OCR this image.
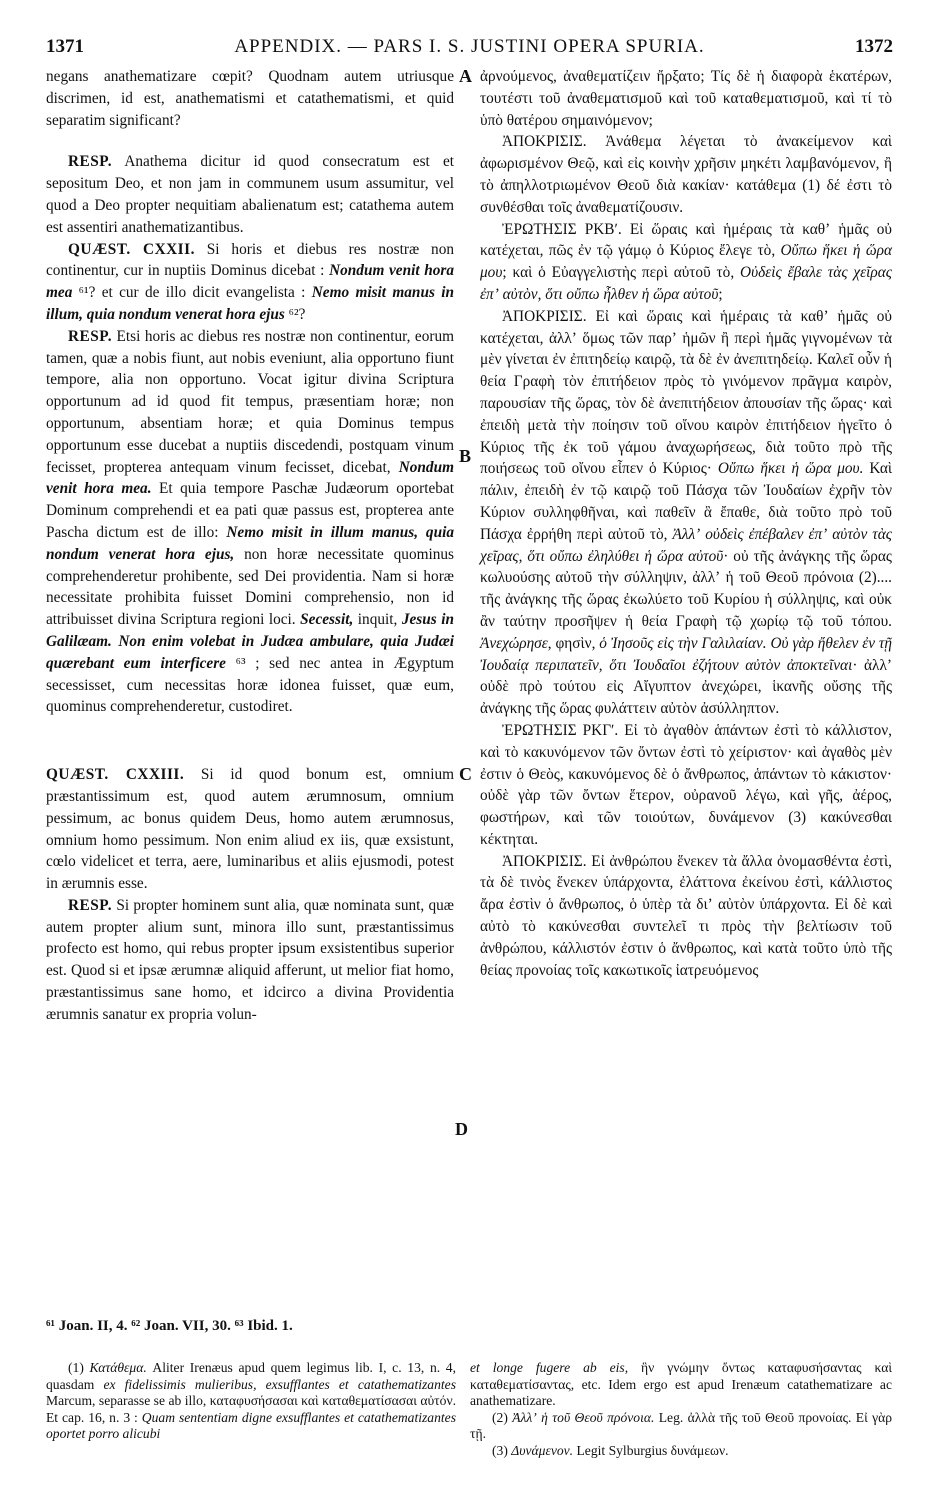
1371	APPENDIX. — PARS I. S. JUSTINI OPERA SPURIA.	1372
A
B
C
D

negans anathematizare cœpit? Quodnam autem utriusque discrimen, id est, anathematismi et catathematismi, et quid separatim significant?

RESP. Anathema dicitur id quod consecratum est et sepositum Deo, et non jam in communem usum assumitur, vel quod a Deo propter nequitiam abalienatum est; catathema autem est assentiri anathematizantibus.

QUÆST. CXXII. Si horis et diebus res nostræ non continentur, cur in nuptiis Dominus dicebat : Nondum venit hora mea ⁶¹? et cur de illo dicit evangelista : Nemo misit manus in illum, quia nondum venerat hora ejus ⁶²?

RESP. Etsi horis ac diebus res nostræ non continentur, eorum tamen, quæ a nobis fiunt, aut nobis eveniunt, alia opportuno fiunt tempore, alia non opportuno. Vocat igitur divina Scriptura opportunum ad id quod fit tempus, præsentiam horæ; non opportunum, absentiam horæ; et quia Dominus tempus opportunum esse ducebat a nuptiis discedendi, postquam vinum fecisset, propterea antequam vinum fecisset, dicebat, Nondum venit hora mea. Et quia tempore Paschæ Judæorum oportebat Dominum comprehendi et ea pati quæ passus est, propterea ante Pascha dictum est de illo: Nemo misit in illum manus, quia nondum venerat hora ejus, non horæ necessitate quominus comprehenderetur prohibente, sed Dei providentia. Nam si horæ necessitate prohibita fuisset Domini comprehensio, non id attribuisset divina Scriptura regioni loci. Secessit, inquit, Jesus in Galilæam. Non enim volebat in Judæa ambulare, quia Judæi quærebant eum interficere ⁶³ ; sed nec antea in Ægyptum secessisset, cum necessitas horæ idonea fuisset, quæ eum, quominus comprehenderetur, custodiret.

QUÆST. CXXIII. Si id quod bonum est, omnium præstantissimum est, quod autem ærumnosum, omnium pessimum, ac bonus quidem Deus, homo autem ærumnosus, omnium homo pessimum. Non enim aliud ex iis, quæ exsistunt, cœlo videlicet et terra, aere, luminaribus et aliis ejusmodi, potest in ærumnis esse.

RESP. Si propter hominem sunt alia, quæ nominata sunt, quæ autem propter alium sunt, minora illo sunt, præstantissimus profecto est homo, qui rebus propter ipsum exsistentibus superior est. Quod si et ipsæ ærumnæ aliquid afferunt, ut melior fiat homo, præstantissimus sane homo, et idcirco a divina Providentia ærumnis sanatur ex propria volun-

ἀρνούμενος, ἀναθεματίζειν ἤρξατο; Τίς δὲ ἡ διαφορὰ ἑκατέρων, τουτέστι τοῦ ἀναθεματισμοῦ καὶ τοῦ καταθεματισμοῦ, καὶ τί τὸ ὑπὸ θατέρου σημαινόμενον;

ἈΠΟΚΡΙΣΙΣ. Ἀνάθεμα λέγεται τὸ ἀνακείμενον καὶ ἀφωρισμένον Θεῷ, καὶ εἰς κοινὴν χρῆσιν μηκέτι λαμβανόμενον, ἢ τὸ ἀπηλλοτριωμένον Θεοῦ διὰ κακίαν· κατάθεμα (1) δέ ἐστι τὸ συνθέσθαι τοῖς ἀναθεματίζουσιν.

ἘΡΩΤΗΣΙΣ ΡΚΒʹ. Εἰ ὥραις καὶ ἡμέραις τὰ καθʼ ἡμᾶς οὐ κατέχεται, πῶς ἐν τῷ γάμῳ ὁ Κύριος ἔλεγε τὸ, Οὔπω ἥκει ἡ ὥρα μου; καὶ ὁ Εὐαγγελιστὴς περὶ αὐτοῦ τὸ, Οὐδεὶς ἔβαλε τὰς χεῖρας ἐπʼ αὐτὸν, ὅτι οὔπω ἦλθεν ἡ ὥρα αὐτοῦ;

ἈΠΟΚΡΙΣΙΣ. Εἰ καὶ ὥραις καὶ ἡμέραις τὰ καθʼ ἡμᾶς οὐ κατέχεται, ἀλλʼ ὅμως τῶν παρʼ ἡμῶν ἢ περὶ ἡμᾶς γιγνομένων τὰ μὲν γίνεται ἐν ἐπιτηδείῳ καιρῷ, τὰ δὲ ἐν ἀνεπιτηδείῳ. Καλεῖ οὖν ἡ θεία Γραφὴ τὸν ἐπιτήδειον πρὸς τὸ γινόμενον πρᾶγμα καιρὸν, παρουσίαν τῆς ὥρας, τὸν δὲ ἀνεπιτήδειον ἀπουσίαν τῆς ὥρας· καὶ ἐπειδὴ μετὰ τὴν ποίησιν τοῦ οἴνου καιρὸν ἐπιτήδειον ἡγεῖτο ὁ Κύριος τῆς ἐκ τοῦ γάμου ἀναχωρήσεως, διὰ τοῦτο πρὸ τῆς ποιήσεως τοῦ οἴνου εἶπεν ὁ Κύριος· Οὔπω ἥκει ἡ ὥρα μου. Καὶ πάλιν, ἐπειδὴ ἐν τῷ καιρῷ τοῦ Πάσχα τῶν Ἰουδαίων ἐχρῆν τὸν Κύριον συλληφθῆναι, καὶ παθεῖν ἃ ἔπαθε, διὰ τοῦτο πρὸ τοῦ Πάσχα ἐρρήθη περὶ αὐτοῦ τὸ, Ἀλλʼ οὐδεὶς ἐπέβαλεν ἐπʼ αὐτὸν τὰς χεῖρας, ὅτι οὔπω ἐληλύθει ἡ ὥρα αὐτοῦ· οὐ τῆς ἀνάγκης τῆς ὥρας κωλυούσης αὐτοῦ τὴν σύλληψιν, ἀλλʼ ἡ τοῦ Θεοῦ πρόνοια (2).... τῆς ἀνάγκης τῆς ὥρας ἐκωλύετο τοῦ Κυρίου ἡ σύλληψις, καὶ οὐκ ἂν ταύτην προσῆψεν ἡ θεία Γραφὴ τῷ χωρίῳ τῷ τοῦ τόπου. Ἀνεχώρησε, φησὶν, ὁ Ἰησοῦς εἰς τὴν Γαλιλαίαν. Οὐ γὰρ ἤθελεν ἐν τῇ Ἰουδαίᾳ περιπατεῖν, ὅτι Ἰουδαῖοι ἐζήτουν αὐτὸν ἀποκτεῖναι· ἀλλʼ οὐδὲ πρὸ τούτου εἰς Αἴγυπτον ἀνεχώρει, ἱκανῆς οὔσης τῆς ἀνάγκης τῆς ὥρας φυλάττειν αὐτὸν ἀσύλληπτον.

ἘΡΩΤΗΣΙΣ ΡΚΓʹ. Εἰ τὸ ἀγαθὸν ἁπάντων ἐστὶ τὸ κάλλιστον, καὶ τὸ κακυνόμενον τῶν ὄντων ἐστὶ τὸ χείριστον· καὶ ἀγαθὸς μὲν ἐστιν ὁ Θεὸς, κακυνόμενος δὲ ὁ ἄνθρωπος, ἁπάντων τὸ κάκιστον· οὐδὲ γὰρ τῶν ὄντων ἕτερον, οὐρανοῦ λέγω, καὶ γῆς, ἀέρος, φωστήρων, καὶ τῶν τοιούτων, δυνάμενον (3) κακύνεσθαι κέκτηται.

ἈΠΟΚΡΙΣΙΣ. Εἰ ἀνθρώπου ἕνεκεν τὰ ἄλλα ὀνομασθέντα ἐστὶ, τὰ δὲ τινὸς ἕνεκεν ὑπάρχοντα, ἐλάττονα ἐκείνου ἐστὶ, κάλλιστος ἄρα ἐστὶν ὁ ἄνθρωπος, ὁ ὑπὲρ τὰ διʼ αὐτὸν ὑπάρχοντα. Εἰ δὲ καὶ αὐτὸ τὸ κακύνεσθαι συντελεῖ τι πρὸς τὴν βελτίωσιν τοῦ ἀνθρώπου, κάλλιστόν ἐστιν ὁ ἄνθρωπος, καὶ κατὰ τοῦτο ὑπὸ τῆς θείας προνοίας τοῖς κακωτικοῖς ἰατρευόμενος

⁶¹ Joan. II, 4. ⁶² Joan. VII, 30. ⁶³ Ibid. 1.

(1) Κατάθεμα. Aliter Irenæus apud quem legimus lib. I, c. 13, n. 4, quasdam ex fidelissimis mulieribus, exsufflantes et catathematizantes Marcum, separasse se ab illo, καταφυσήσασαι καὶ καταθεματίσασαι αὐτόν. Et cap. 16, n. 3 : Quam sententiam digne exsufflantes et catathematizantes oportet porro alicubi

et longe fugere ab eis, ἣν γνώμην ὄντως καταφυσήσαντας καὶ καταθεματίσαντας, etc. Idem ergo est apud Irenæum catathematizare ac anathematizare.

(2) Ἀλλʼ ἡ τοῦ Θεοῦ πρόνοια. Leg. ἀλλὰ τῆς τοῦ Θεοῦ προνοίας. Εἰ γὰρ τῇ.

(3) Δυνάμενον. Legit Sylburgius δυνάμεων.
